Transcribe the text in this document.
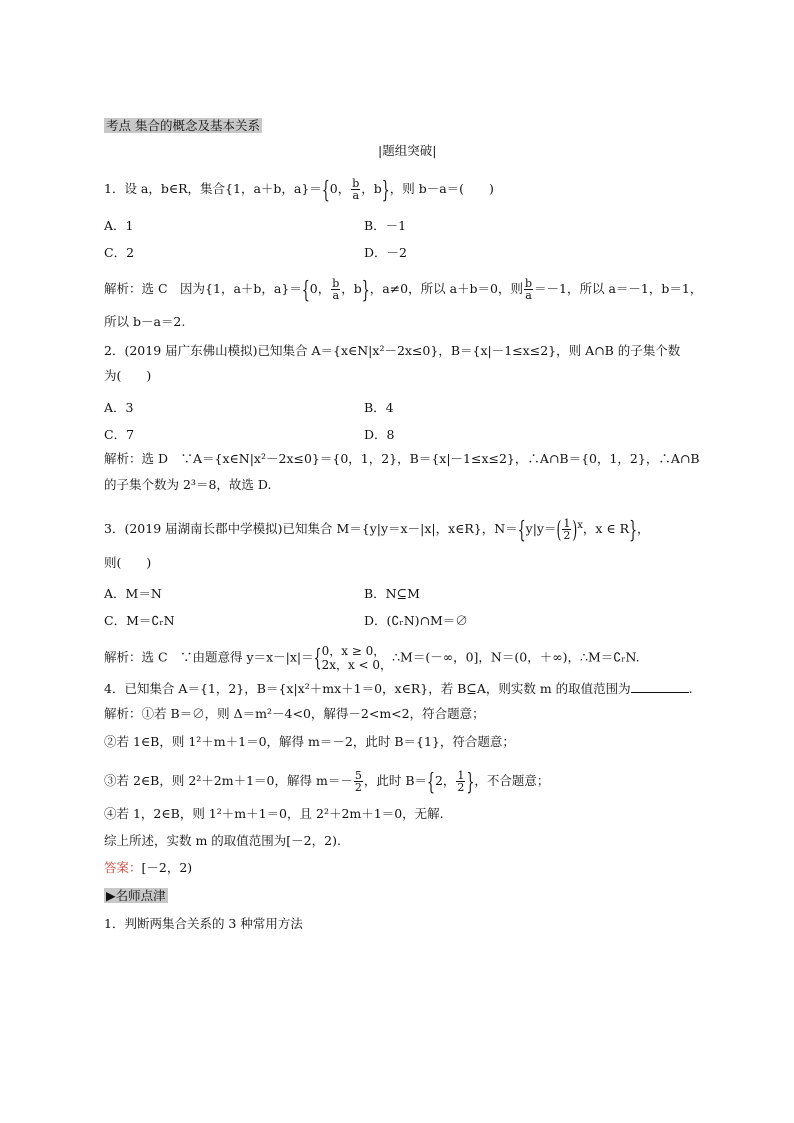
考点 集合的概念及基本关系
|题组突破|
1．设 a，b∈R，集合{1，a＋b，a}＝{0， $\frac{b}{a}$ ，b}，则 b－a＝(　　)
A．1	B．－1
C．2	D．－2
解析：选 C　因为{1，a＋b，a}＝{0， $\frac{b}{a}$ ，b}，a≠0，所以 a＋b＝0，则 $\frac{b}{a} =-1$，所以 a＝－1，b＝1，
所以 b－a＝2.
2．(2019 届广东佛山模拟)已知集合 A＝{x∈N|x²－2x≤0}，B＝{x|－1≤x≤2}，则 A∩B 的子集个数
为(　　)
A．3	B．4
C．7	D．8
解析：选 D　∵A＝{x∈N|x²－2x≤0}＝{0，1，2}，B＝{x|－1≤x≤2}，∴A∩B＝{0，1，2}，∴A∩B
的子集个数为 2³＝8，故选 D.
3．(2019 届湖南长郡中学模拟)已知集合 M＝{y|y＝x－|x|，x∈R}，$N=\{y|y=( \frac{1}{2} )^x$，x ∈ R}，
则(　　)
A．M＝N	B．N⊆M
C．M＝∁ᵣN	D．(∁ᵣN)∩M＝∅
解析：选 C　∵由题意得 y＝x－|x|＝{ 0，x ≥ 0，
2x，x < 0，
∴M＝(－∞，0]，N＝(0，＋∞)，∴M＝∁ᵣN.
4．已知集合 A＝{1，2}，B＝{x|x²＋mx＋1＝0，x∈R}，若 B⊆A，则实数 m 的取值范围为	.
解析：①若 B＝∅，则 Δ＝m²－4<0，解得－2<m<2，符合题意；
②若 1∈B，则 1²＋m＋1＝0，解得 m＝－2，此时 B＝{1}，符合题意；
③若 2∈B，则 2²＋2m＋1＝0，解得 $m=- \frac{5}{2}$ ，此时 B＝{2， $\frac{1}{2}$ }，不合题意；
④若 1，2∈B，则 1²＋m＋1＝0，且 2²＋2m＋1＝0，无解.
综上所述，实数 m 的取值范围为[－2，2).
答案：[－2，2)
▶名师点津
1．判断两集合关系的 3 种常用方法
